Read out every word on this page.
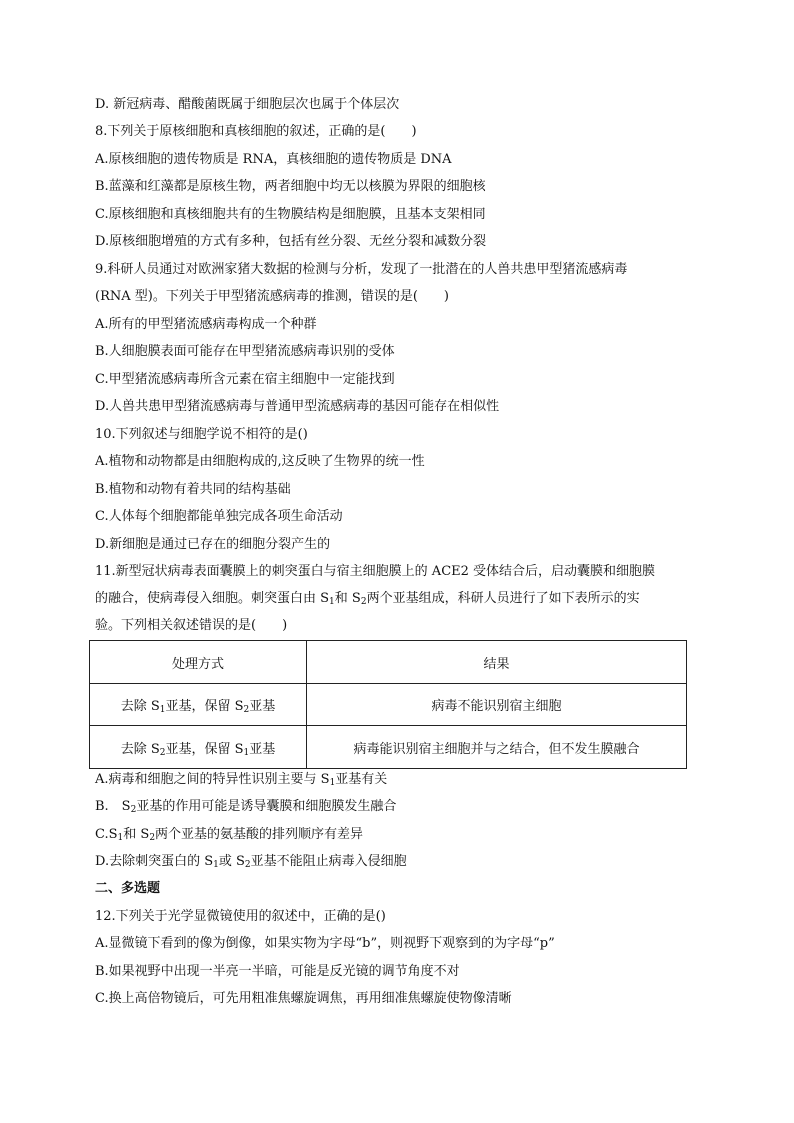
D. 新冠病毒、醋酸菌既属于细胞层次也属于个体层次
8.下列关于原核细胞和真核细胞的叙述，正确的是(　　)
A.原核细胞的遗传物质是 RNA，真核细胞的遗传物质是 DNA
B.蓝藻和红藻都是原核生物，两者细胞中均无以核膜为界限的细胞核
C.原核细胞和真核细胞共有的生物膜结构是细胞膜，且基本支架相同
D.原核细胞增殖的方式有多种，包括有丝分裂、无丝分裂和减数分裂
9.科研人员通过对欧洲家猪大数据的检测与分析，发现了一批潜在的人兽共患甲型猪流感病毒
(RNA 型)。下列关于甲型猪流感病毒的推测，错误的是(　　)
A.所有的甲型猪流感病毒构成一个种群
B.人细胞膜表面可能存在甲型猪流感病毒识别的受体
C.甲型猪流感病毒所含元素在宿主细胞中一定能找到
D.人兽共患甲型猪流感病毒与普通甲型流感病毒的基因可能存在相似性
10.下列叙述与细胞学说不相符的是()
A.植物和动物都是由细胞构成的,这反映了生物界的统一性
B.植物和动物有着共同的结构基础
C.人体每个细胞都能单独完成各项生命活动
D.新细胞是通过已存在的细胞分裂产生的
11.新型冠状病毒表面囊膜上的刺突蛋白与宿主细胞膜上的 ACE2 受体结合后，启动囊膜和细胞膜
的融合，使病毒侵入细胞。刺突蛋白由 $S_1$和 $S_2$两个亚基组成，科研人员进行了如下表所示的实
验。下列相关叙述错误的是(　　)
处理方式	结果
去除 $S_1$亚基，保留 $S_2$亚基	病毒不能识别宿主细胞
去除 $S_2$亚基，保留 $S_1$亚基	病毒能识别宿主细胞并与之结合，但不发生膜融合
A.病毒和细胞之间的特异性识别主要与 $S_1$亚基有关
B.　$S_2$亚基的作用可能是诱导囊膜和细胞膜发生融合
$C.S_1$和 $S_2$两个亚基的氨基酸的排列顺序有差异
D.去除刺突蛋白的 $S_1$或 $S_2$亚基不能阻止病毒入侵细胞
二、多选题
12.下列关于光学显微镜使用的叙述中，正确的是()
A.显微镜下看到的像为倒像，如果实物为字母“b”，则视野下观察到的为字母“p”
B.如果视野中出现一半亮一半暗，可能是反光镜的调节角度不对
C.换上高倍物镜后，可先用粗准焦螺旋调焦，再用细准焦螺旋使物像清晰
